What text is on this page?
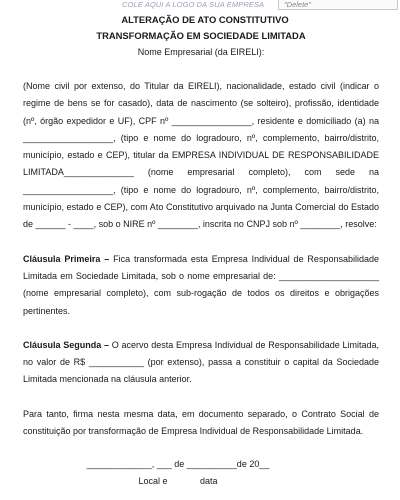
COLE AQUI A LOGO DA SUA EMPRESA	"Delete"
ALTERAÇÃO DE ATO CONSTITUTIVO
TRANSFORMAÇÃO EM SOCIEDADE LIMITADA
Nome Empresarial (da EIRELI):

(Nome civil por extenso, do Titular da EIRELI), nacionalidade, estado civil (indicar o regime de bens se for casado), data de nascimento (se solteiro), profissão, identidade (nº, órgão expedidor e UF), CPF nº ________________, residente e domiciliado (a) na __________________, (tipo e nome do logradouro, nº, complemento, bairro/distrito, município, estado e CEP), titular da EMPRESA INDIVIDUAL DE RESPONSABILIDADE LIMITADA______________ (nome empresarial completo), com sede na __________________, (tipo e nome do logradouro, nº, complemento, bairro/distrito, município, estado e CEP), com Ato Constitutivo arquivado na Junta Comercial do Estado de ______ - ____, sob o NIRE nº ________, inscrita no CNPJ sob nº ________, resolve:

Cláusula Primeira – Fica transformada esta Empresa Individual de Responsabilidade Limitada em Sociedade Limitada, sob o nome empresarial de: ____________________ (nome empresarial completo), com sub-rogação de todos os direitos e obrigações pertinentes.

Cláusula Segunda – O acervo desta Empresa Individual de Responsabilidade Limitada, no valor de R$ ___________ (por extenso), passa a constituir o capital da Sociedade Limitada mencionada na cláusula anterior.

Para tanto, firma nesta mesma data, em documento separado, o Contrato Social de constituição por transformação de Empresa Individual de Responsabilidade Limitada.

_____________, ___ de __________de 20__
Local e             data
